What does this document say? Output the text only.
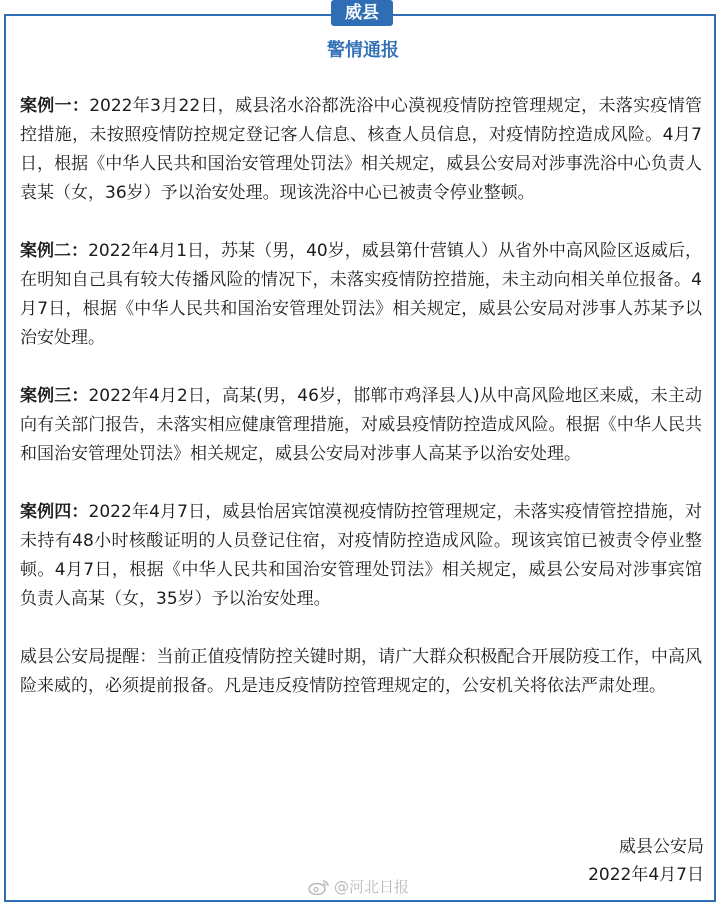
威县
警情通报

案例一：2022年3月22日，威县洺水浴都洗浴中心漠视疫情防控管理规定，未落实疫情管控措施，未按照疫情防控规定登记客人信息、核查人员信息，对疫情防控造成风险。4月7日，根据《中华人民共和国治安管理处罚法》相关规定，威县公安局对涉事洗浴中心负责人袁某（女，36岁）予以治安处理。现该洗浴中心已被责令停业整顿。

案例二：2022年4月1日，苏某（男，40岁，威县第什营镇人）从省外中高风险区返威后，在明知自己具有较大传播风险的情况下，未落实疫情防控措施，未主动向相关单位报备。4月7日，根据《中华人民共和国治安管理处罚法》相关规定，威县公安局对涉事人苏某予以治安处理。

案例三：2022年4月2日，高某(男，46岁，邯郸市鸡泽县人)从中高风险地区来威，未主动向有关部门报告，未落实相应健康管理措施，对威县疫情防控造成风险。根据《中华人民共和国治安管理处罚法》相关规定，威县公安局对涉事人高某予以治安处理。

案例四：2022年4月7日，威县怡居宾馆漠视疫情防控管理规定，未落实疫情管控措施，对未持有48小时核酸证明的人员登记住宿，对疫情防控造成风险。现该宾馆已被责令停业整顿。4月7日，根据《中华人民共和国治安管理处罚法》相关规定，威县公安局对涉事宾馆负责人高某（女，35岁）予以治安处理。

威县公安局提醒：当前正值疫情防控关键时期，请广大群众积极配合开展防疫工作，中高风险来威的，必须提前报备。凡是违反疫情防控管理规定的，公安机关将依法严肃处理。

威县公安局
2022年4月7日
@河北日报
